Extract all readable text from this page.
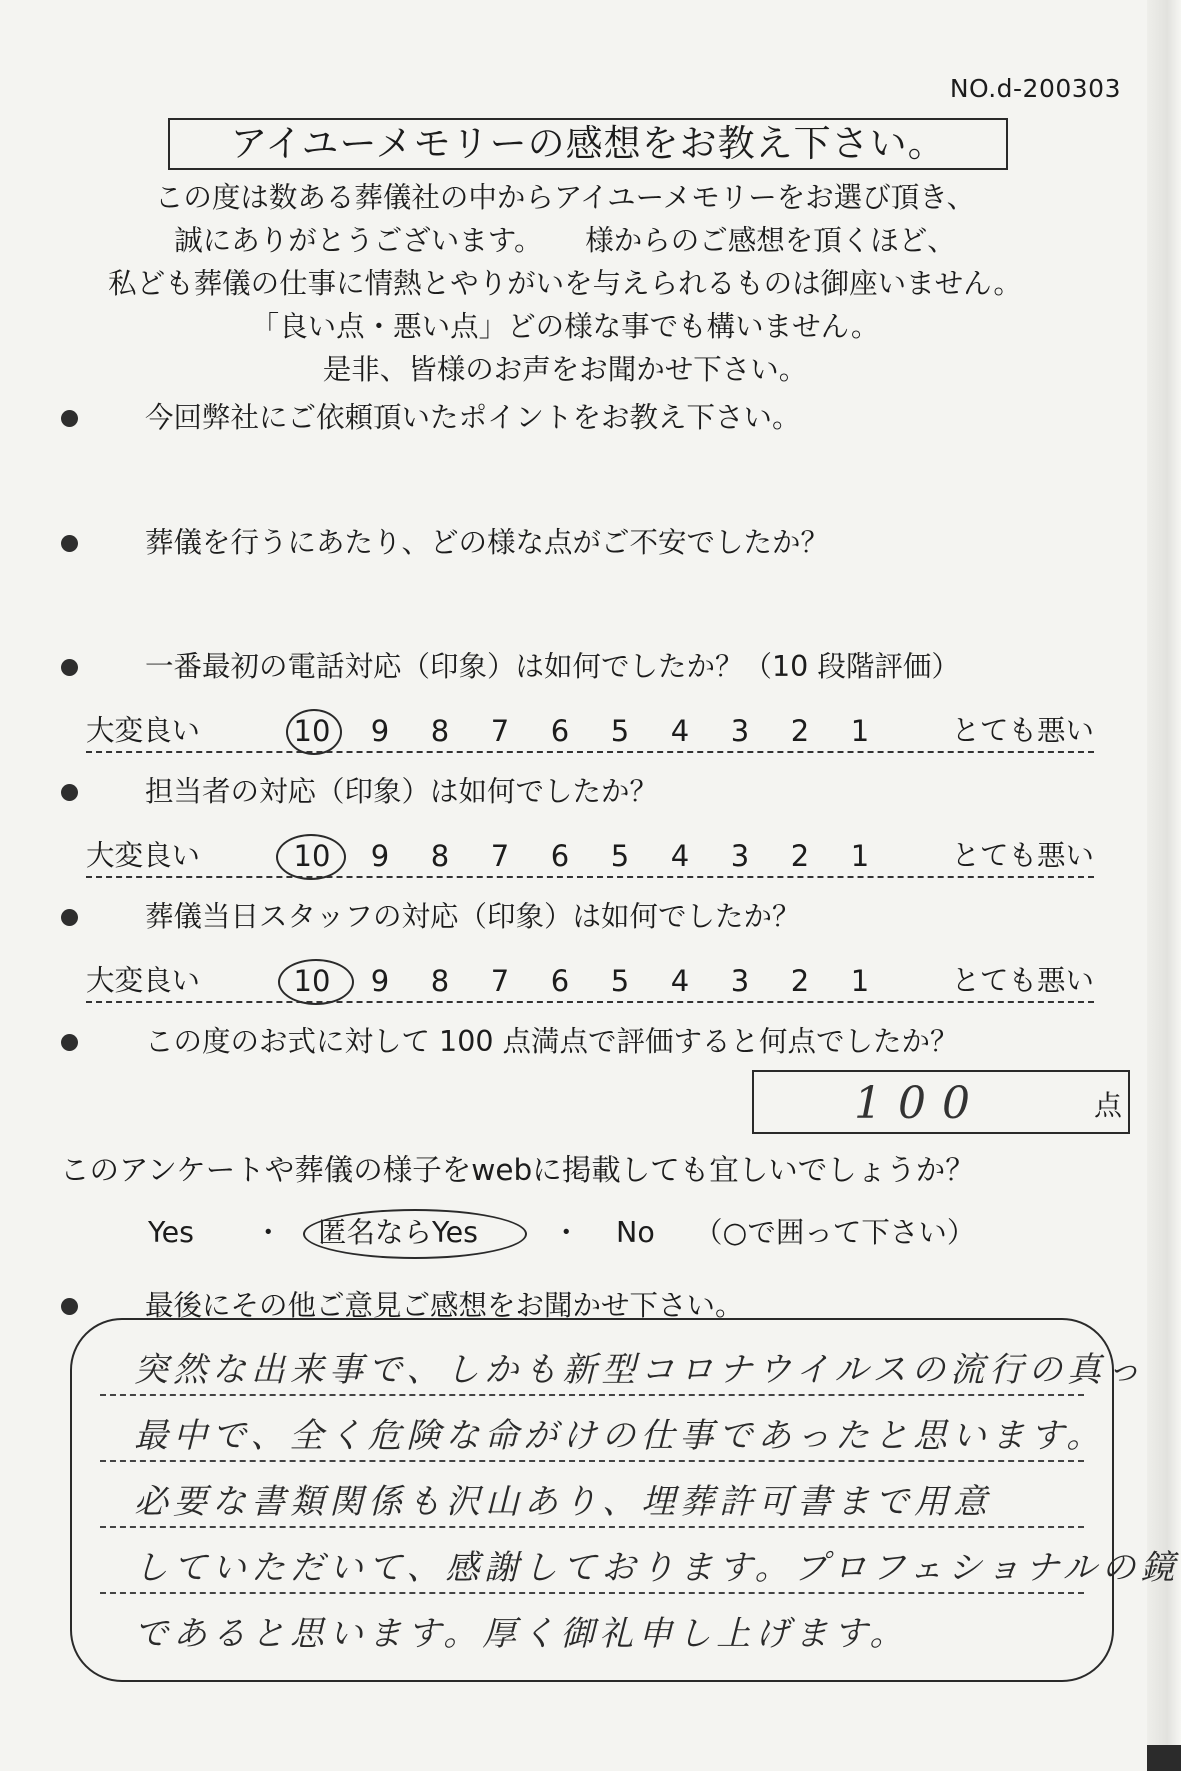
NO.d-200303
アイユーメモリーの感想をお教え下さい。
この度は数ある葬儀社の中からアイユーメモリーをお選び頂き、
誠にありがとうございます。　　様からのご感想を頂くほど、
私ども葬儀の仕事に情熱とやりがいを与えられるものは御座いません。
「良い点・悪い点」どの様な事でも構いません。
是非、皆様のお声をお聞かせ下さい。
今回弊社にご依頼頂いたポイントをお教え下さい。
葬儀を行うにあたり、どの様な点がご不安でしたか？
一番最初の電話対応（印象）は如何でしたか？（10 段階評価）
大変良い	10	9	8	7	6	5	4	3	2	1	とても悪い
担当者の対応（印象）は如何でしたか？
大変良い	10	9	8	7	6	5	4	3	2	1	とても悪い
葬儀当日スタッフの対応（印象）は如何でしたか？
大変良い	10	9	8	7	6	5	4	3	2	1	とても悪い
この度のお式に対して 100 点満点で評価すると何点でしたか？
100	点
このアンケートや葬儀の様子をwebに掲載しても宜しいでしょうか？
Yes ・ 匿名ならYes	・ No （○で囲って下さい）
最後にその他ご意見ご感想をお聞かせ下さい。
突然な出来事で、しかも新型コロナウイルスの流行の真っ
最中で、全く危険な命がけの仕事であったと思います。
必要な書類関係も沢山あり、埋葬許可書まで用意
していただいて、感謝しております。プロフェショナルの鏡
であると思います。厚く御礼申し上げます。
